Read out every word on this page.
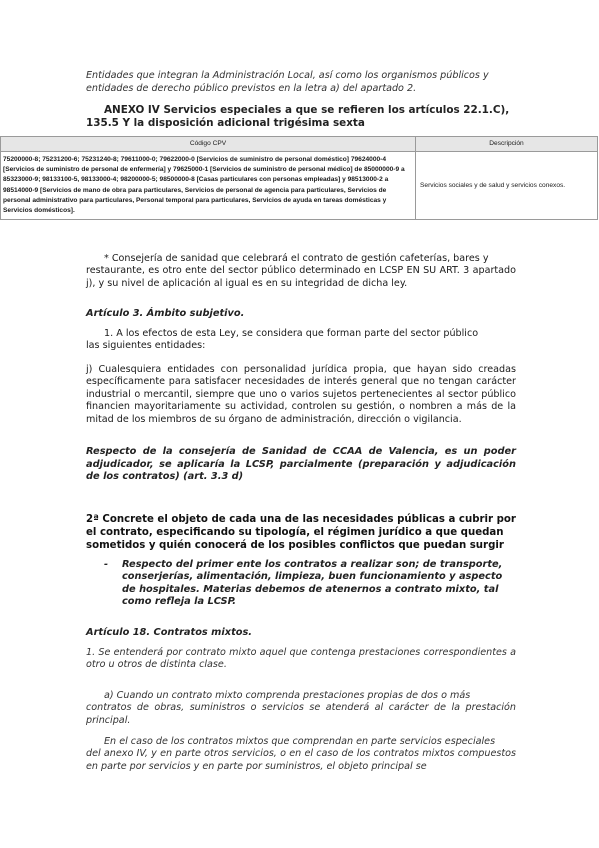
Entidades que integran la Administración Local, así como los organismos públicos y entidades de derecho público previstos en la letra a) del apartado 2.

ANEXO IV Servicios especiales a que se refieren los artículos 22.1.C),
135.5 Y la disposición adicional trigésima sexta
Código CPV	Descripción
75200000-8; 75231200-6; 75231240-8; 79611000-0; 79622000-0 [Servicios de suministro de personal doméstico] 79624000-4 [Servicios de suministro de personal de enfermería] y 79625000-1 [Servicios de suministro de personal médico] de 85000000-9 a 85323000-9; 98133100-5, 98133000-4; 98200000-5; 98500000-8 [Casas particulares con personas empleadas] y 98513000-2 a 98514000-9 [Servicios de mano de obra para particulares, Servicios de personal de agencia para particulares, Servicios de personal administrativo para particulares, Personal temporal para particulares, Servicios de ayuda en tareas domésticas y Servicios domésticos].	Servicios sociales y de salud y servicios conexos.
* Consejería de sanidad que celebrará el contrato de gestión cafeterías, bares y
restaurante, es otro ente del sector público determinado en LCSP EN SU ART. 3 apartado j), y su nivel de aplicación al igual es en su integridad de dicha ley.
Artículo 3. Ámbito subjetivo.
1. A los efectos de esta Ley, se considera que forman parte del sector público
las siguientes entidades:

j) Cualesquiera entidades con personalidad jurídica propia, que hayan sido creadas específicamente para satisfacer necesidades de interés general que no tengan carácter industrial o mercantil, siempre que uno o varios sujetos pertenecientes al sector público financien mayoritariamente su actividad, controlen su gestión, o nombren a más de la mitad de los miembros de su órgano de administración, dirección o vigilancia.

Respecto de la consejería de Sanidad de CCAA de Valencia, es un poder adjudicador, se aplicaría la LCSP, parcialmente (preparación y adjudicación de los contratos) (art. 3.3 d)

2ª Concrete el objeto de cada una de las necesidades públicas a cubrir por el contrato, especificando su tipología, el régimen jurídico a que quedan sometidos y quién conocerá de los posibles conflictos que puedan surgir

- Respecto del primer ente los contratos a realizar son; de transporte, conserjerías, alimentación, limpieza, buen funcionamiento y aspecto de hospitales. Materias debemos de atenernos a contrato mixto, tal como refleja la LCSP.
Artículo 18. Contratos mixtos.

1. Se entenderá por contrato mixto aquel que contenga prestaciones correspondientes a otro u otros de distinta clase.

a) Cuando un contrato mixto comprenda prestaciones propias de dos o más
contratos de obras, suministros o servicios se atenderá al carácter de la prestación principal.
En el caso de los contratos mixtos que comprendan en parte servicios especiales
del anexo IV, y en parte otros servicios, o en el caso de los contratos mixtos compuestos en parte por servicios y en parte por suministros, el objeto principal se
